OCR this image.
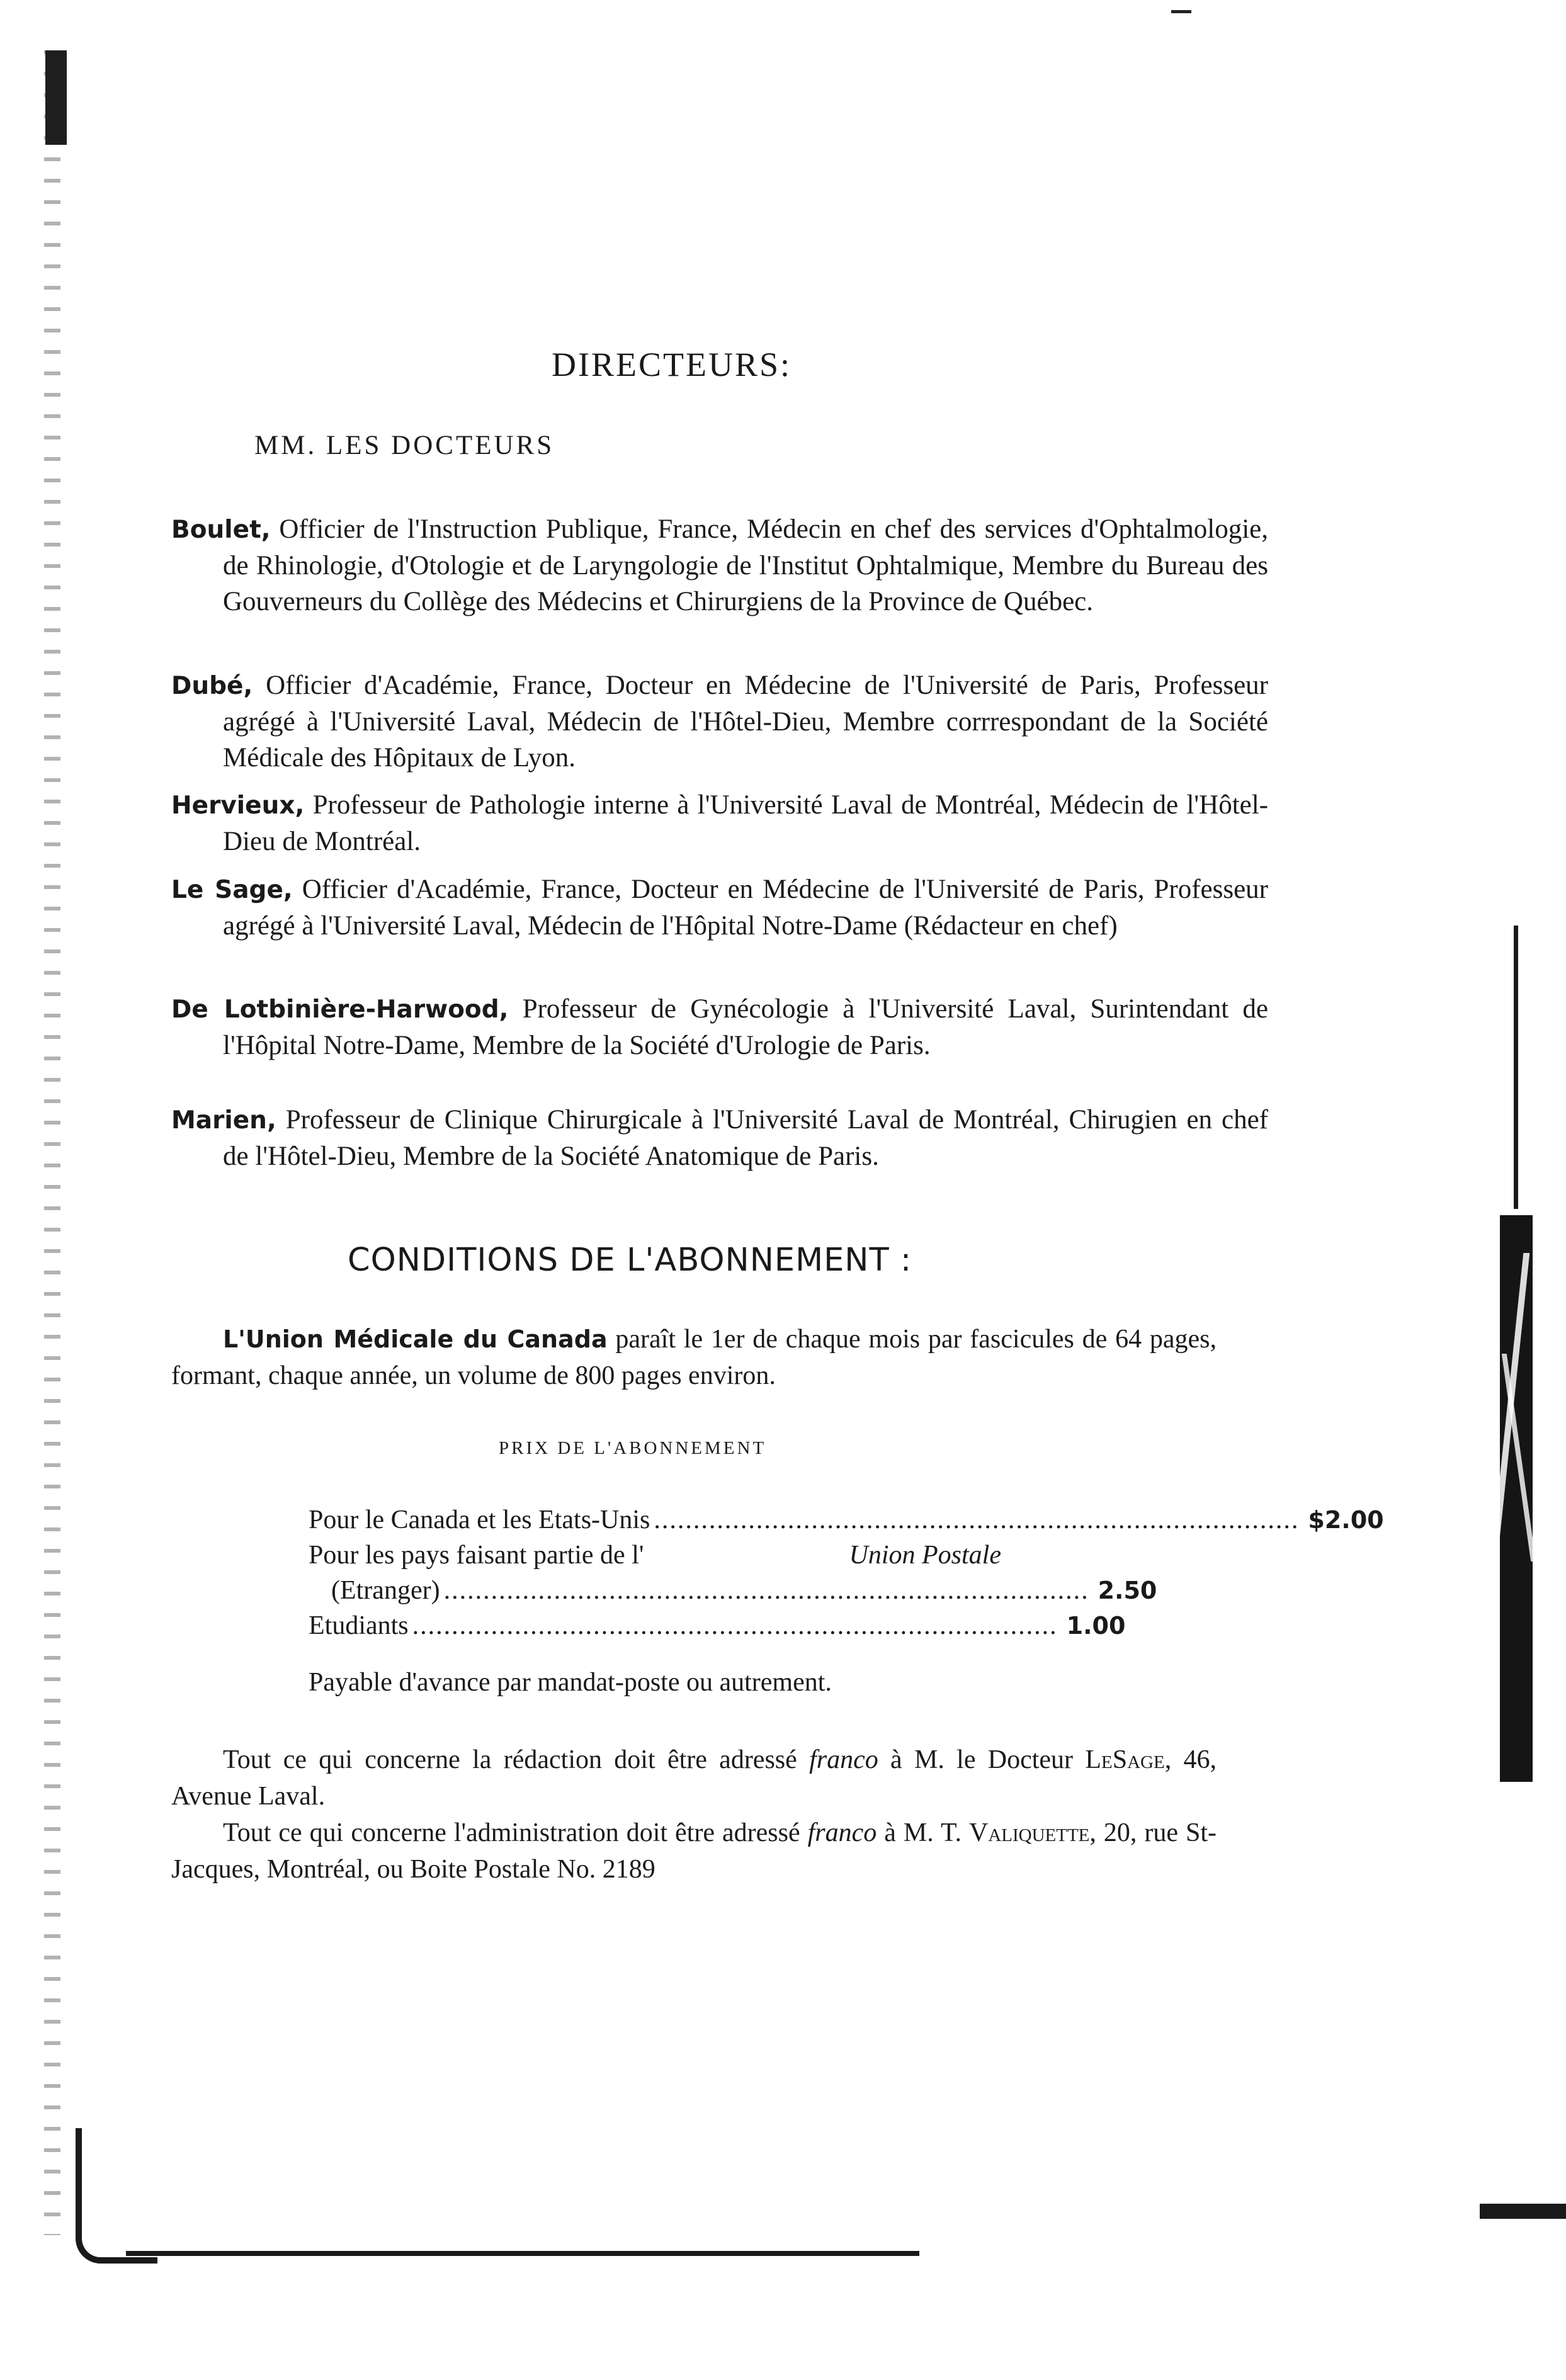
DIRECTEURS:
MM. LES DOCTEURS
Boulet, Officier de l'Instruction Publique, France, Médecin en chef des services d'Ophtalmologie, de Rhinologie, d'Otologie et de Laryngologie de l'Institut Ophtalmique, Membre du Bureau des Gouverneurs du Collège des Médecins et Chirurgiens de la Province de Québec.
Dubé, Officier d'Académie, France, Docteur en Médecine de l'Université de Paris, Professeur agrégé à l'Université Laval, Médecin de l'Hôtel-Dieu, Membre corrrespondant de la Société Médicale des Hôpitaux de Lyon.
Hervieux, Professeur de Pathologie interne à l'Université Laval de Montréal, Médecin de l'Hôtel-Dieu de Montréal.
Le Sage, Officier d'Académie, France, Docteur en Médecine de l'Université de Paris, Professeur agrégé à l'Université Laval, Médecin de l'Hôpital Notre-Dame (Rédacteur en chef)
De Lotbinière-Harwood, Professeur de Gynécologie à l'Université Laval, Surintendant de l'Hôpital Notre-Dame, Membre de la Société d'Urologie de Paris.
Marien, Professeur de Clinique Chirurgicale à l'Université Laval de Montréal, Chirugien en chef de l'Hôtel-Dieu, Membre de la Société Anatomique de Paris.
CONDITIONS DE L'ABONNEMENT :
L'Union Médicale du Canada paraît le 1er de chaque mois par fascicules de 64 pages, formant, chaque année, un volume de 800 pages environ.
PRIX DE L'ABONNEMENT
Pour le Canada et les Etats-Unis .................................................................................. $2.00
Pour les pays faisant partie de l'	Union Postale
(Etranger) .................................................................................. 2.50
Etudiants .................................................................................. 1.00
Payable d'avance par mandat-poste ou autrement.
Tout ce qui concerne la rédaction doit être adressé franco à M. le Docteur LeSage, 46, Avenue Laval.
Tout ce qui concerne l'administration doit être adressé franco à M. T. Valiquette, 20, rue St-Jacques, Montréal, ou Boite Postale No. 2189
